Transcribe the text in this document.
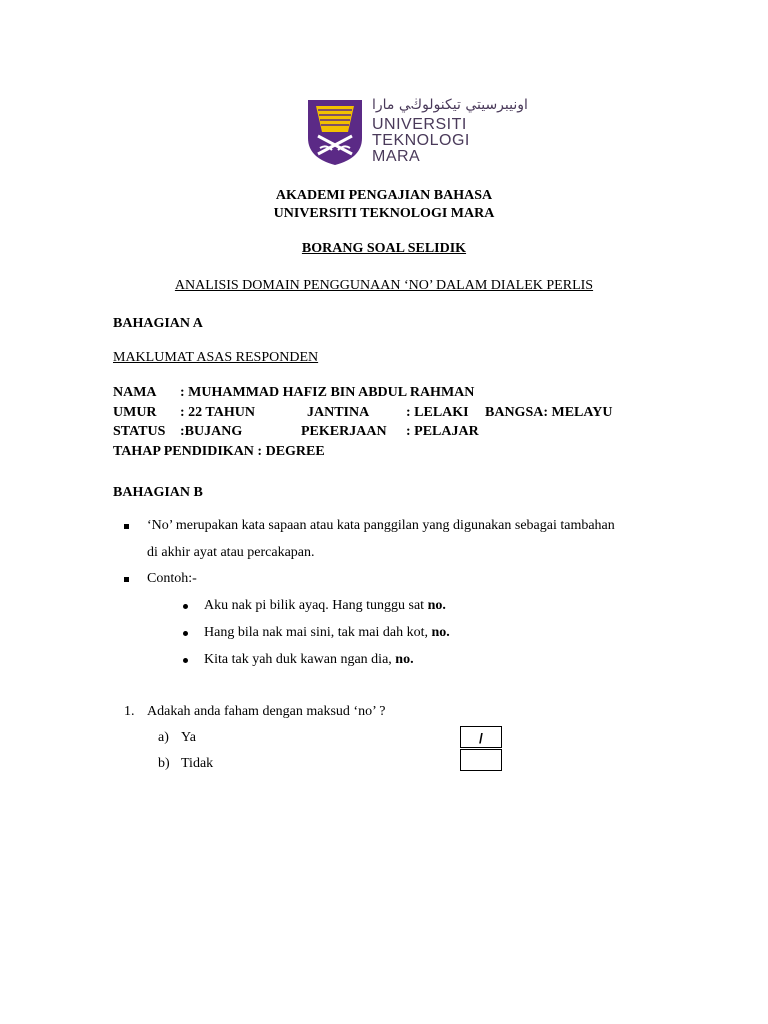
ﺍﻭﻧﻴﺒﺮﺳﻴﺘﻲ ﺗﻴﻜﻨﻮﻟﻮڬﻲ مارا
UNIVERSITI
TEKNOLOGI
MARA
AKADEMI PENGAJIAN BAHASA
UNIVERSITI TEKNOLOGI MARA
BORANG SOAL SELIDIK
ANALISIS DOMAIN PENGGUNAAN ‘NO’ DALAM DIALEK PERLIS
BAHAGIAN A
MAKLUMAT ASAS RESPONDEN
NAMA : MUHAMMAD HAFIZ BIN ABDUL RAHMAN
UMUR : 22 TAHUN	JANTINA	: LELAKI BANGSA: MELAYU
STATUS :BUJANG	PEKERJAAN : PELAJAR
TAHAP PENDIDIKAN : DEGREE
BAHAGIAN B
‘No’ merupakan kata sapaan atau kata panggilan yang digunakan sebagai tambahan
di akhir ayat atau percakapan.
Contoh:-
Aku nak pi bilik ayaq. Hang tunggu sat no.
Hang bila nak mai sini, tak mai dah kot, no.
Kita tak yah duk kawan ngan dia, no.
1. Adakah anda faham dengan maksud ‘no’ ?
a) Ya	/
b) Tidak
